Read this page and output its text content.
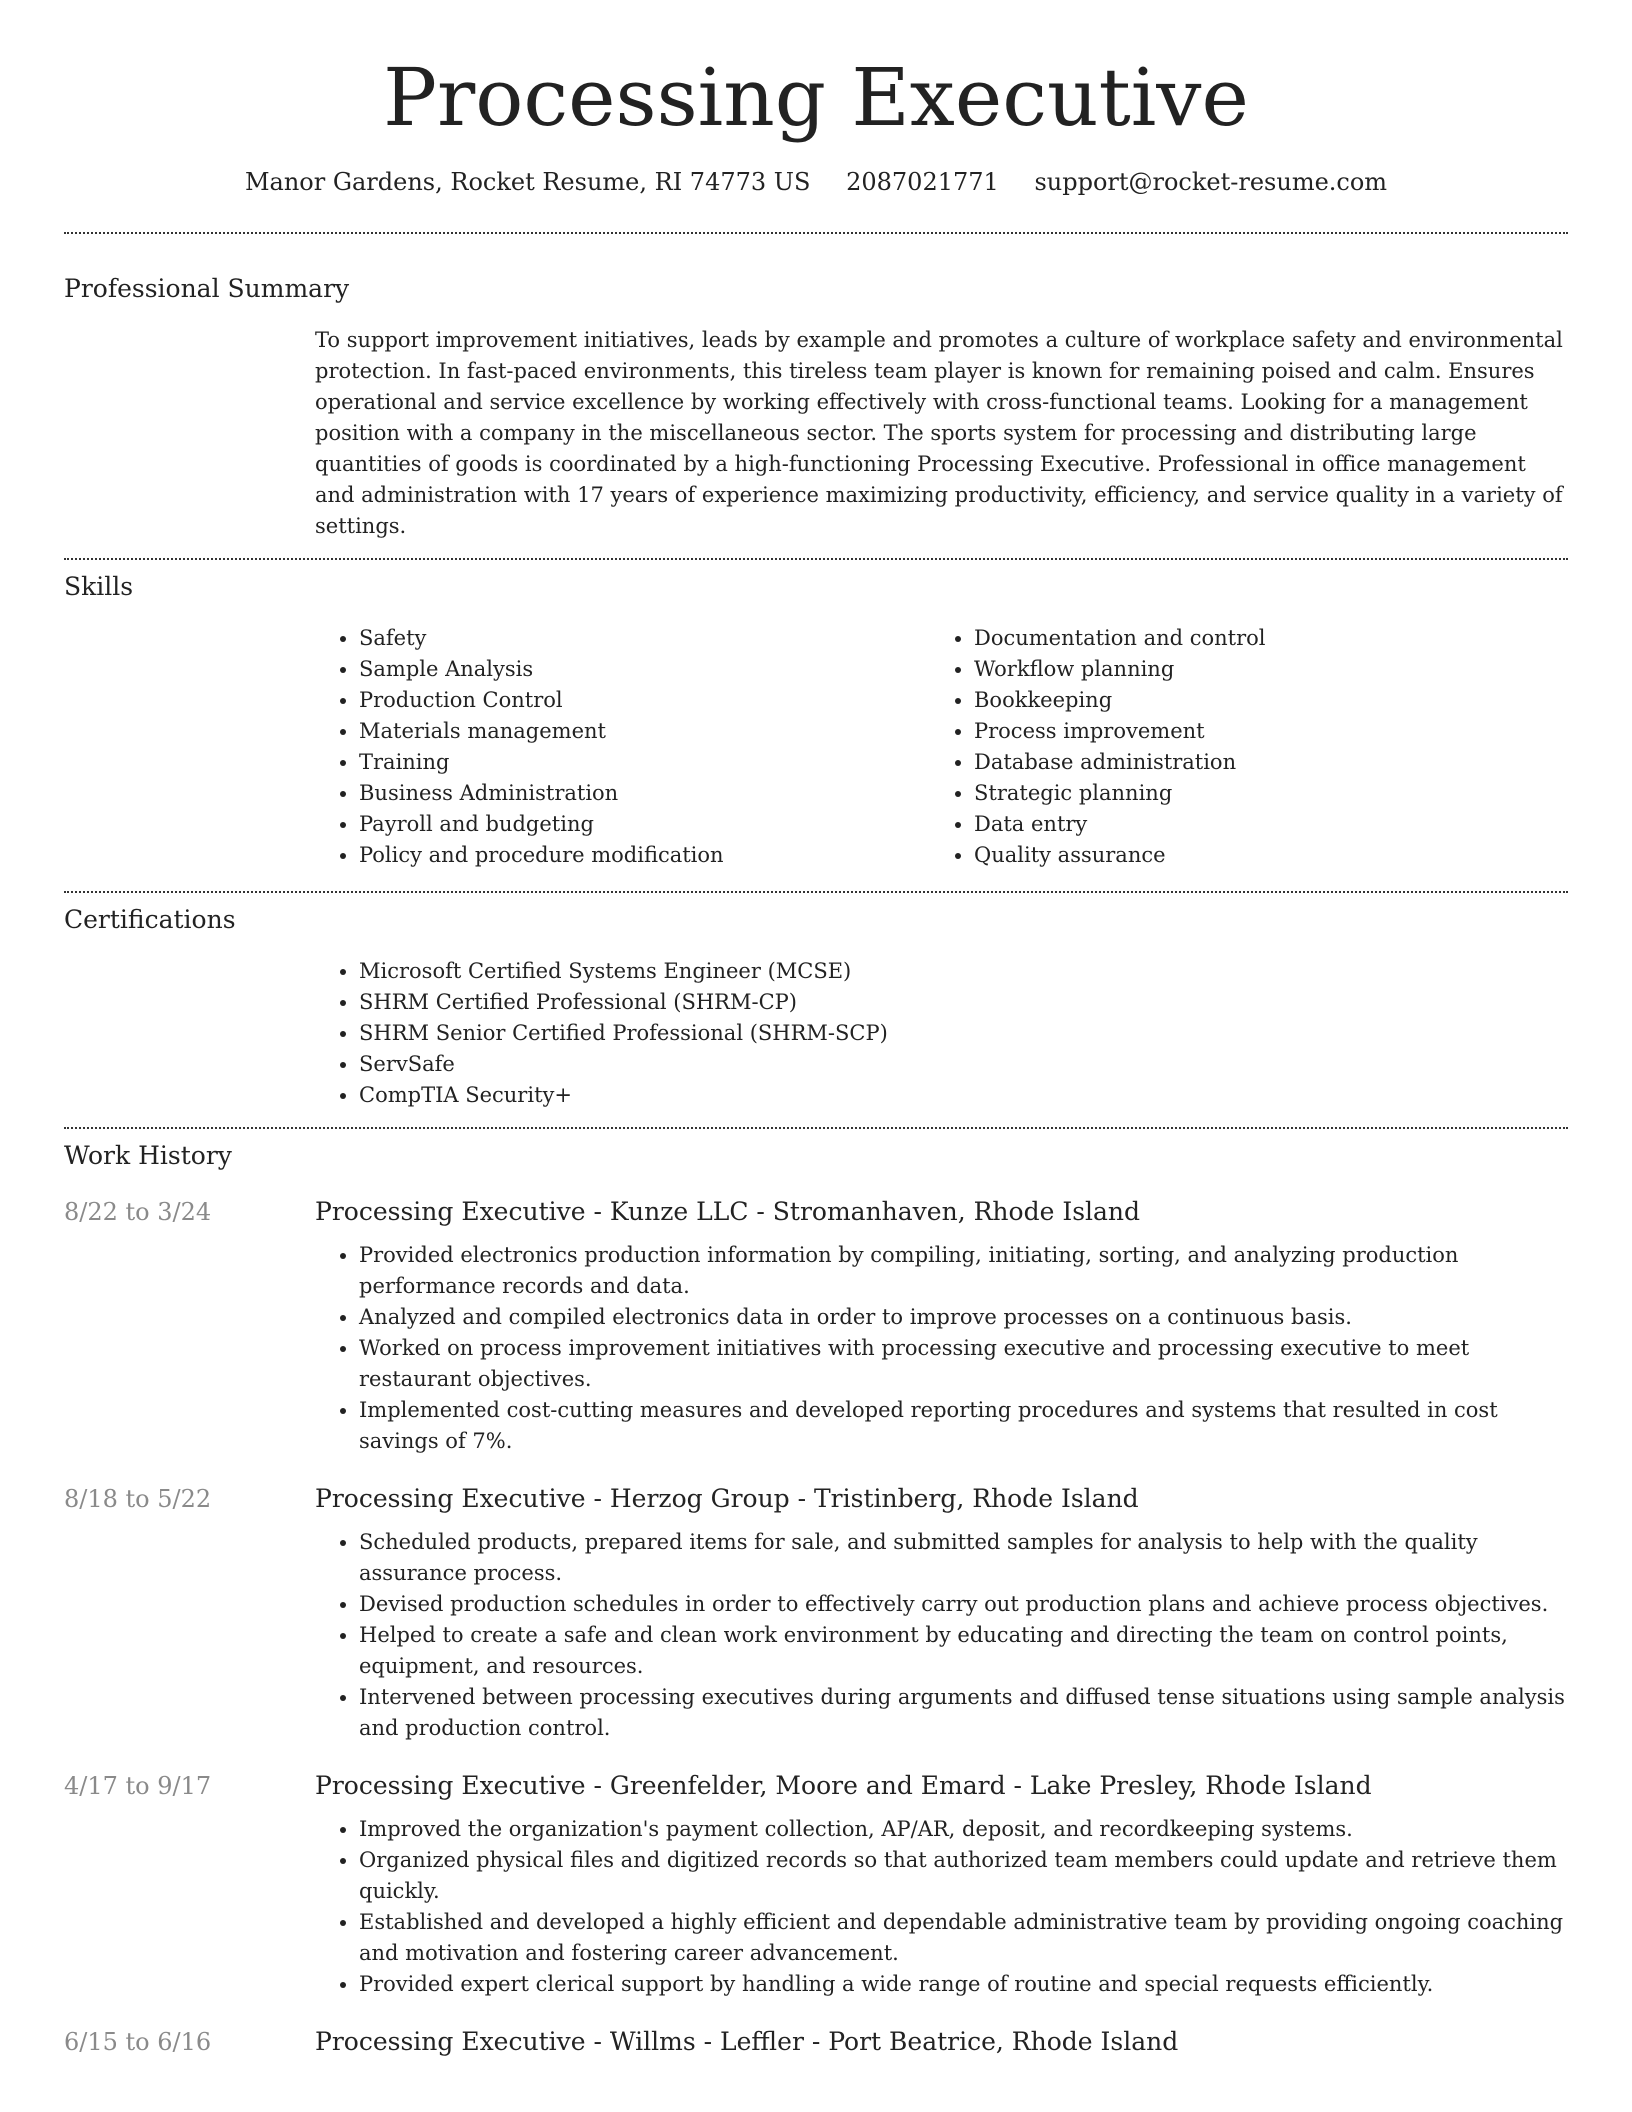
Processing Executive
Manor Gardens, Rocket Resume, RI 74773 US 2087021771 support@rocket-resume.com
Professional Summary

To support improvement initiatives, leads by example and promotes a culture of workplace safety and environmental protection. In fast-paced environments, this tireless team player is known for remaining poised and calm. Ensures operational and service excellence by working effectively with cross-functional teams. Looking for a management position with a company in the miscellaneous sector. The sports system for processing and distributing large quantities of goods is coordinated by a high-functioning Processing Executive. Professional in office management and administration with 17 years of experience maximizing productivity, efficiency, and service quality in a variety of settings.

Skills
• Safety
• Sample Analysis
• Production Control
• Materials management
• Training
• Business Administration
• Payroll and budgeting
• Policy and procedure modification
• Documentation and control
• Workflow planning
• Bookkeeping
• Process improvement
• Database administration
• Strategic planning
• Data entry
• Quality assurance
Certifications
• Microsoft Certified Systems Engineer (MCSE)
• SHRM Certified Professional (SHRM-CP)
• SHRM Senior Certified Professional (SHRM-SCP)
• ServSafe
• CompTIA Security+
Work History
8/22 to 3/24	Processing Executive - Kunze LLC - Stromanhaven, Rhode Island
• Provided electronics production information by compiling, initiating, sorting, and analyzing production performance records and data.
• Analyzed and compiled electronics data in order to improve processes on a continuous basis.
• Worked on process improvement initiatives with processing executive and processing executive to meet restaurant objectives.
• Implemented cost-cutting measures and developed reporting procedures and systems that resulted in cost savings of 7%.
8/18 to 5/22	Processing Executive - Herzog Group - Tristinberg, Rhode Island
• Scheduled products, prepared items for sale, and submitted samples for analysis to help with the quality assurance process.
• Devised production schedules in order to effectively carry out production plans and achieve process objectives.
• Helped to create a safe and clean work environment by educating and directing the team on control points, equipment, and resources.
• Intervened between processing executives during arguments and diffused tense situations using sample analysis and production control.
4/17 to 9/17	Processing Executive - Greenfelder, Moore and Emard - Lake Presley, Rhode Island
• Improved the organization's payment collection, AP/AR, deposit, and recordkeeping systems.
• Organized physical files and digitized records so that authorized team members could update and retrieve them quickly.
• Established and developed a highly efficient and dependable administrative team by providing ongoing coaching and motivation and fostering career advancement.
• Provided expert clerical support by handling a wide range of routine and special requests efficiently.
6/15 to 6/16	Processing Executive - Willms - Leffler - Port Beatrice, Rhode Island
